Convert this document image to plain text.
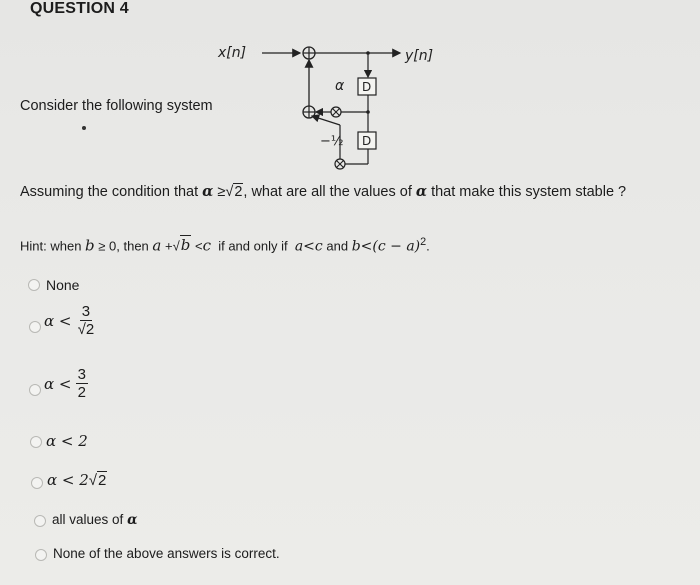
QUESTION 4
x[n]	y[n]
D
α
D
−½
Consider the following system
Assuming the condition that α ≥√2, what are all the values of α that make this system stable ?
Hint: when b ≥ 0, then a +√b <c if and only if a<c and $b<(c - a)^2$.
None
α <
$\frac{3}{√2}$
α <
$\frac{3}{2}$
α < 2
α < 2√2
all values of α
None of the above answers is correct.
